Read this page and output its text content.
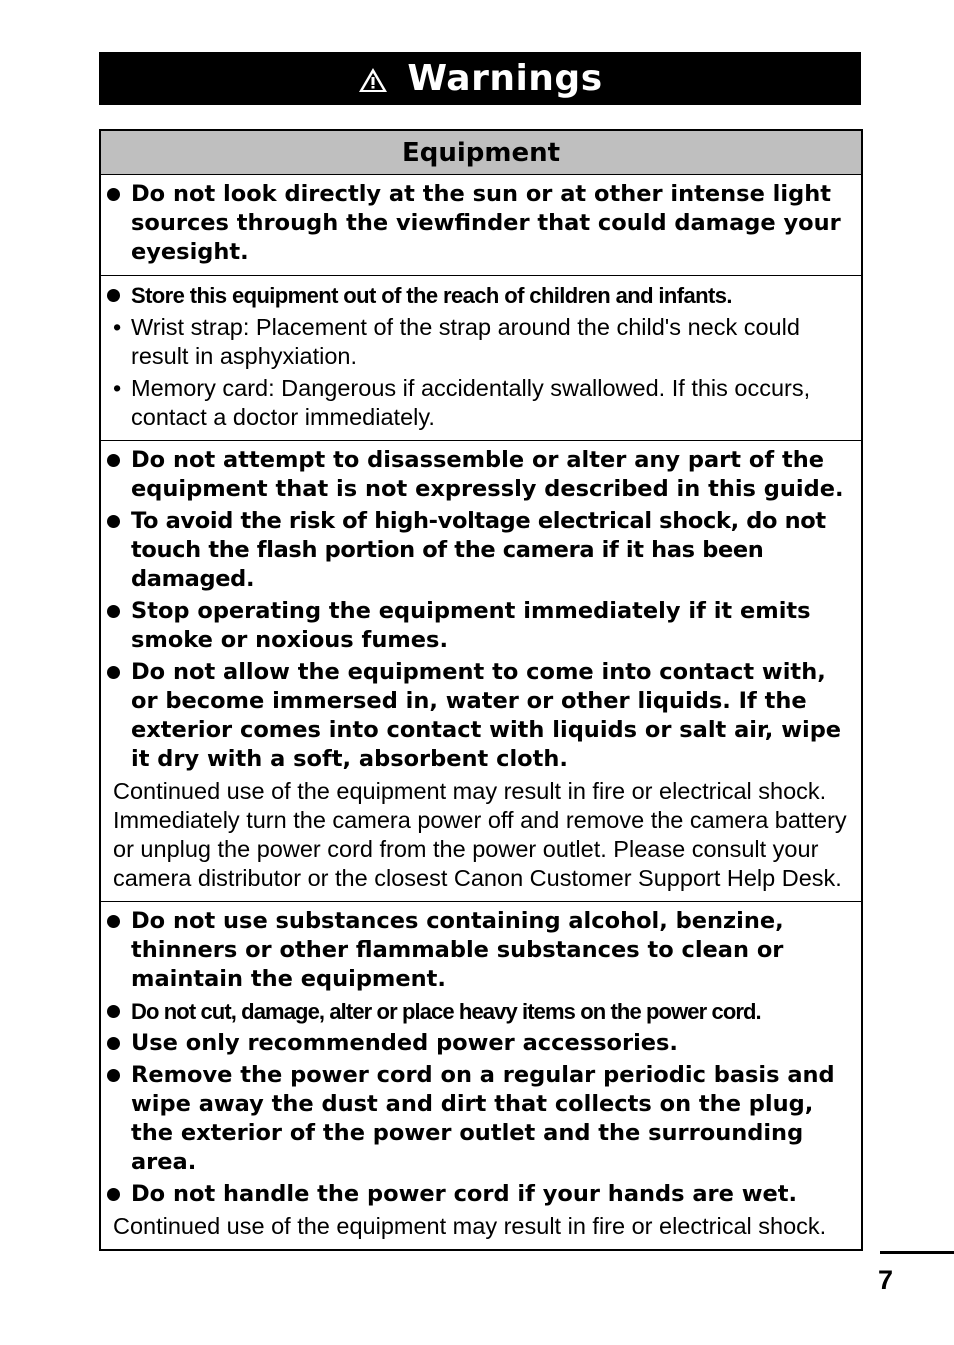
Warnings
Equipment
Do not look directly at the sun or at other intense light sources through the viewfinder that could damage your eyesight.
Store this equipment out of the reach of children and infants.
• Wrist strap: Placement of the strap around the child's neck could result in asphyxiation.
• Memory card: Dangerous if accidentally swallowed. If this occurs, contact a doctor immediately.
Do not attempt to disassemble or alter any part of the equipment that is not expressly described in this guide.
To avoid the risk of high-voltage electrical shock, do not touch the flash portion of the camera if it has been damaged.
Stop operating the equipment immediately if it emits smoke or noxious fumes.
Do not allow the equipment to come into contact with, or become immersed in, water or other liquids. If the exterior comes into contact with liquids or salt air, wipe it dry with a soft, absorbent cloth.
Continued use of the equipment may result in fire or electrical shock. Immediately turn the camera power off and remove the camera battery or unplug the power cord from the power outlet. Please consult your camera distributor or the closest Canon Customer Support Help Desk.
Do not use substances containing alcohol, benzine, thinners or other flammable substances to clean or maintain the equipment.
Do not cut, damage, alter or place heavy items on the power cord.
Use only recommended power accessories.
Remove the power cord on a regular periodic basis and wipe away the dust and dirt that collects on the plug, the exterior of the power outlet and the surrounding area.
Do not handle the power cord if your hands are wet.
Continued use of the equipment may result in fire or electrical shock.
7
